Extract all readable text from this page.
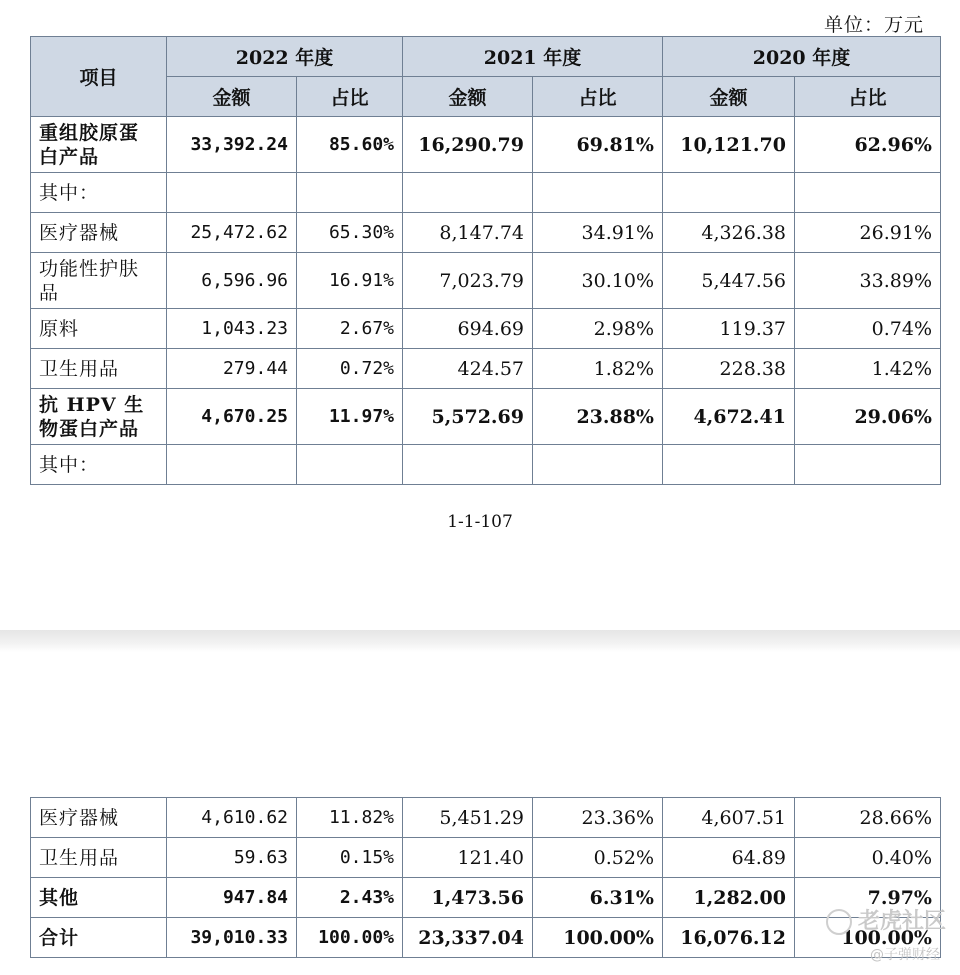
单位：万元
项目	2022 年度		2021 年度		2020 年度	
	金额	占比	金额	占比	金额	占比
重组胶原蛋白产品	33,392.24	85.60%	16,290.79	69.81%	10,121.70	62.96%
其中：						
医疗器械	25,472.62	65.30%	8,147.74	34.91%	4,326.38	26.91%
功能性护肤品	6,596.96	16.91%	7,023.79	30.10%	5,447.56	33.89%
原料	1,043.23	2.67%	694.69	2.98%	119.37	0.74%
卫生用品	279.44	0.72%	424.57	1.82%	228.38	1.42%
抗 HPV 生物蛋白产品	4,670.25	11.97%	5,572.69	23.88%	4,672.41	29.06%
其中：						
1-1-107
医疗器械	4,610.62	11.82%	5,451.29	23.36%	4,607.51	28.66%
卫生用品	59.63	0.15%	121.40	0.52%	64.89	0.40%
其他	947.84	2.43%	1,473.56	6.31%	1,282.00	7.97%
合计	39,010.33	100.00%	23,337.04	100.00%	16,076.12	100.00%
老虎社区
@子弹财经
